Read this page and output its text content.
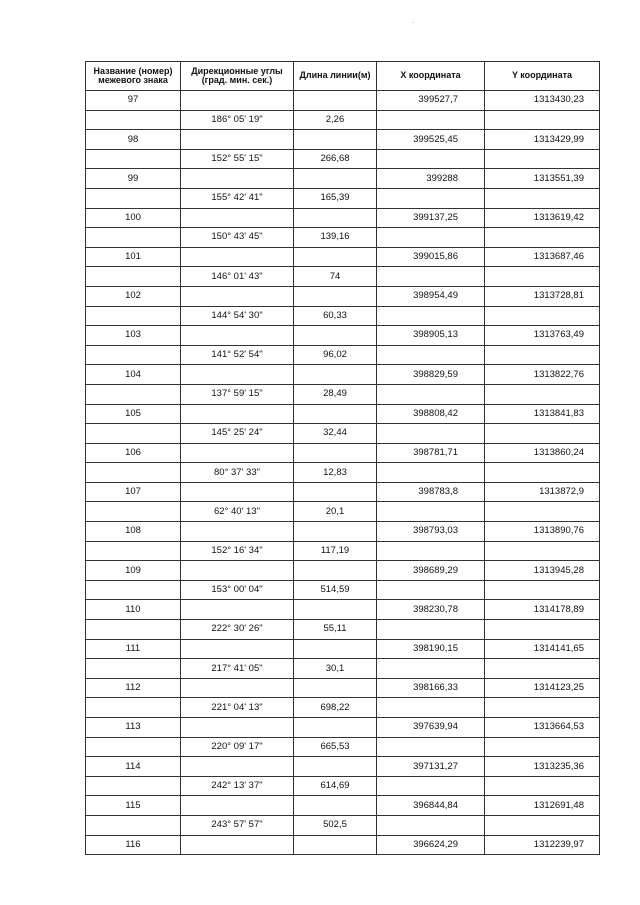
Название (номер) межевого знака	Дирекционные углы (град. мин. сек.)	Длина линии(м)	X координата	Y координата
97			399527,7	1313430,23
	186° 05' 19"	2,26		
98			399525,45	1313429,99
	152° 55' 15"	266,68		
99			399288	1313551,39
	155° 42' 41"	165,39		
100			399137,25	1313619,42
	150° 43' 45"	139,16		
101			399015,86	1313687,46
	146° 01' 43"	74		
102			398954,49	1313728,81
	144° 54' 30"	60,33		
103			398905,13	1313763,49
	141° 52' 54"	96,02		
104			398829,59	1313822,76
	137° 59' 15"	28,49		
105			398808,42	1313841,83
	145° 25' 24"	32,44		
106			398781,71	1313860,24
	80° 37' 33"	12,83		
107			398783,8	1313872,9
	62° 40' 13"	20,1		
108			398793,03	1313890,76
	152° 16' 34"	117,19		
109			398689,29	1313945,28
	153° 00' 04"	514,59		
110			398230,78	1314178,89
	222° 30' 26"	55,11		
111			398190,15	1314141,65
	217° 41' 05"	30,1		
112			398166,33	1314123,25
	221° 04' 13"	698,22		
113			397639,94	1313664,53
	220° 09' 17"	665,53		
114			397131,27	1313235,36
	242° 13' 37"	614,69		
115			396844,84	1312691,48
	243° 57' 57"	502,5		
116			396624,29	1312239,97
·
